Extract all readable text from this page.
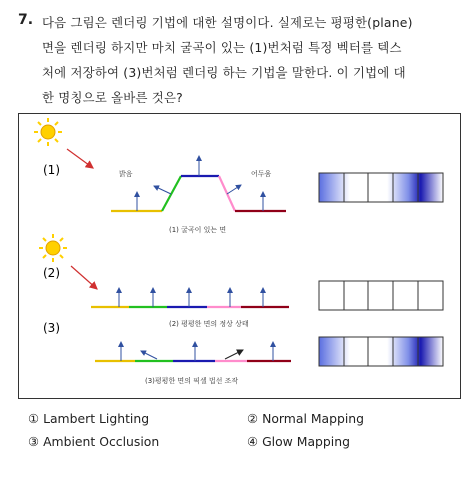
7. 다음 그림은 렌더링 기법에 대한 설명이다. 실제로는 평평한(plane)
면을 렌더링 하지만 마치 굴곡이 있는 (1)번처럼 특정 벡터를 텍스
처에 저장하여 (3)번처럼 렌더링 하는 기법을 말한다. 이 기법에 대
한 명칭으로 올바른 것은?
(1)	밝음	어두움
(1) 굴곡이 있는 면
(2)
(2) 평평한 면의 정상 상태
(3)
(3)평평한 면의 픽셀 법선 조작
① Lambert Lighting	② Normal Mapping
③ Ambient Occlusion	④ Glow Mapping
